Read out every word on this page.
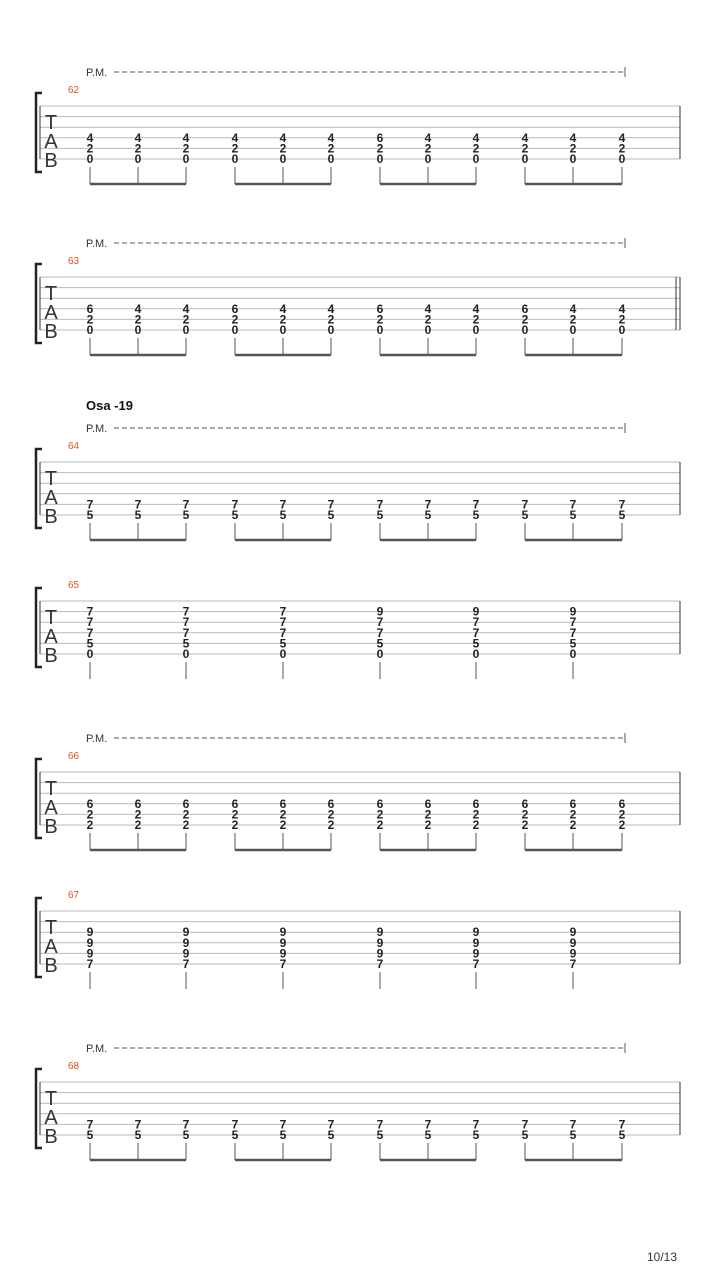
T
A
B
62
P.M.
4
2
0
4
2
0
4
2
0
4
2
0
4
2
0
4
2
0
6
2
0
4
2
0
4
2
0
4
2
0
4
2
0
4
2
0
T
A
B
63
P.M.
6
2
0
4
2
0
4
2
0
6
2
0
4
2
0
4
2
0
6
2
0
4
2
0
4
2
0
6
2
0
4
2
0
4
2
0
T
A
B
64
Osa -19
P.M.
7
5
7
5
7
5
7
5
7
5
7
5
7
5
7
5
7
5
7
5
7
5
7
5
T
A
B
65
7
7
7
5
0
7
7
7
5
0
7
7
7
5
0
9
7
7
5
0
9
7
7
5
0
9
7
7
5
0
T
A
B
66
P.M.
6
2
2
6
2
2
6
2
2
6
2
2
6
2
2
6
2
2
6
2
2
6
2
2
6
2
2
6
2
2
6
2
2
6
2
2
T
A
B
67
9
9
9
7
9
9
9
7
9
9
9
7
9
9
9
7
9
9
9
7
9
9
9
7
T
A
B
68
P.M.
7
5
7
5
7
5
7
5
7
5
7
5
7
5
7
5
7
5
7
5
7
5
7
5
10/13
